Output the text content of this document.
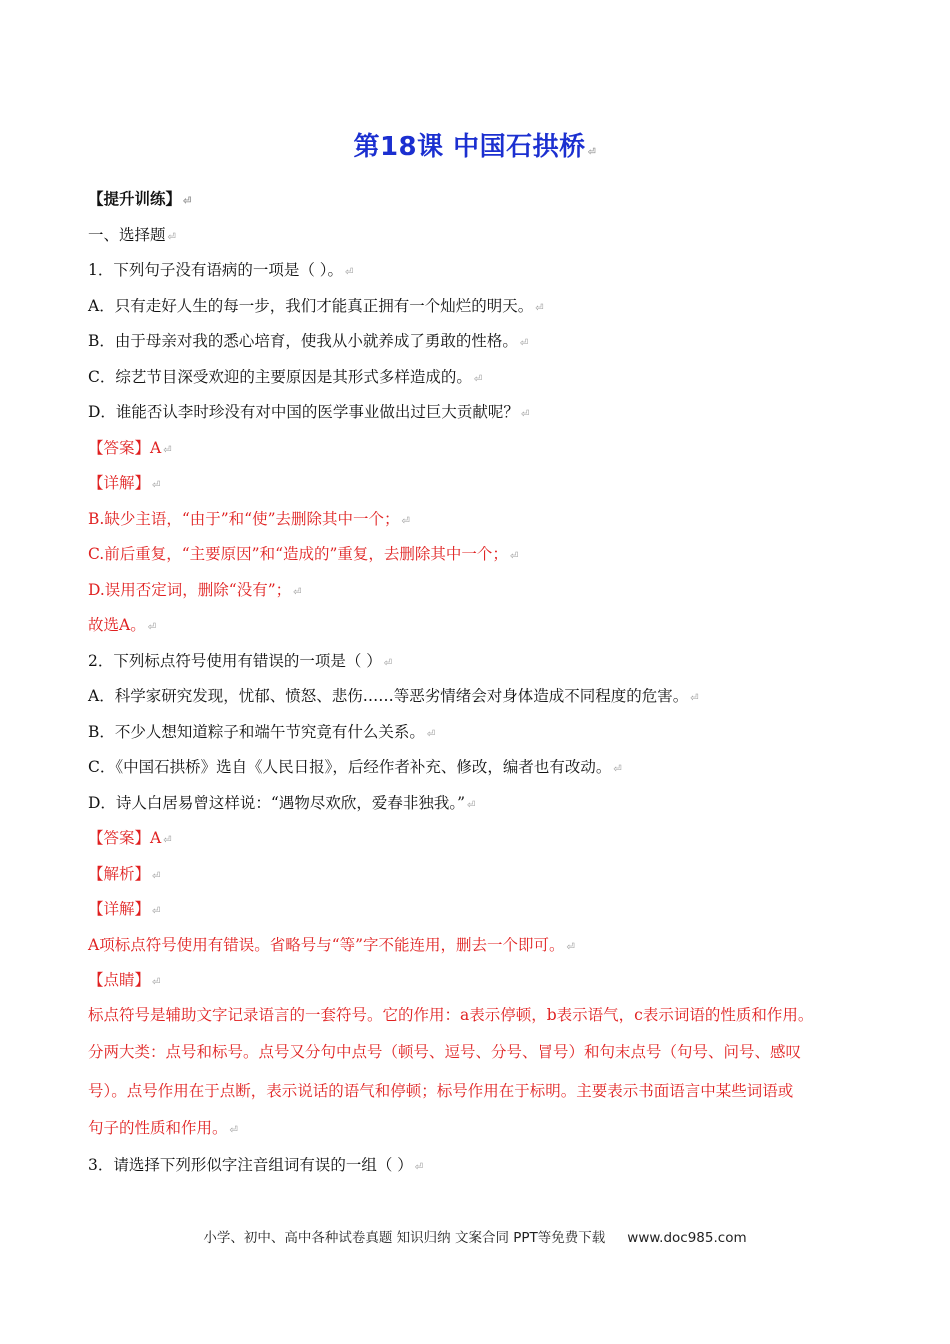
第18课 中国石拱桥 ⏎
【提升训练】 ⏎
一、选择题 ⏎
1．下列句子没有语病的一项是（ ）。 ⏎
A．只有走好人生的每一步，我们才能真正拥有一个灿烂的明天。 ⏎
B．由于母亲对我的悉心培育，使我从小就养成了勇敢的性格。 ⏎
C．综艺节目深受欢迎的主要原因是其形式多样造成的。 ⏎
D．谁能否认李时珍没有对中国的医学事业做出过巨大贡献呢？ ⏎
【答案】A ⏎
【详解】 ⏎
B.缺少主语，“由于”和“使”去删除其中一个； ⏎
C.前后重复，“主要原因”和“造成的”重复，去删除其中一个； ⏎
D.误用否定词，删除“没有”； ⏎
故选A。 ⏎
2．下列标点符号使用有错误的一项是（ ） ⏎
A．科学家研究发现，忧郁、愤怒、悲伤……等恶劣情绪会对身体造成不同程度的危害。 ⏎
B．不少人想知道粽子和端午节究竟有什么关系。 ⏎
C．《中国石拱桥》选自《人民日报》，后经作者补充、修改，编者也有改动。 ⏎
D．诗人白居易曾这样说：“遇物尽欢欣，爱春非独我。” ⏎
【答案】A ⏎
【解析】 ⏎
【详解】 ⏎
A项标点符号使用有错误。省略号与“等”字不能连用，删去一个即可。 ⏎
【点睛】 ⏎
标点符号是辅助文字记录语言的一套符号。它的作用：a表示停顿，b表示语气，c表示词语的性质和作用。
分两大类：点号和标号。点号又分句中点号（顿号、逗号、分号、冒号）和句末点号（句号、问号、感叹
号）。点号作用在于点断，表示说话的语气和停顿；标号作用在于标明。主要表示书面语言中某些词语或
句子的性质和作用。 ⏎
3．请选择下列形似字注音组词有误的一组（ ） ⏎
小学、初中、高中各种试卷真题 知识归纳 文案合同 PPT等免费下载 www.doc985.com
